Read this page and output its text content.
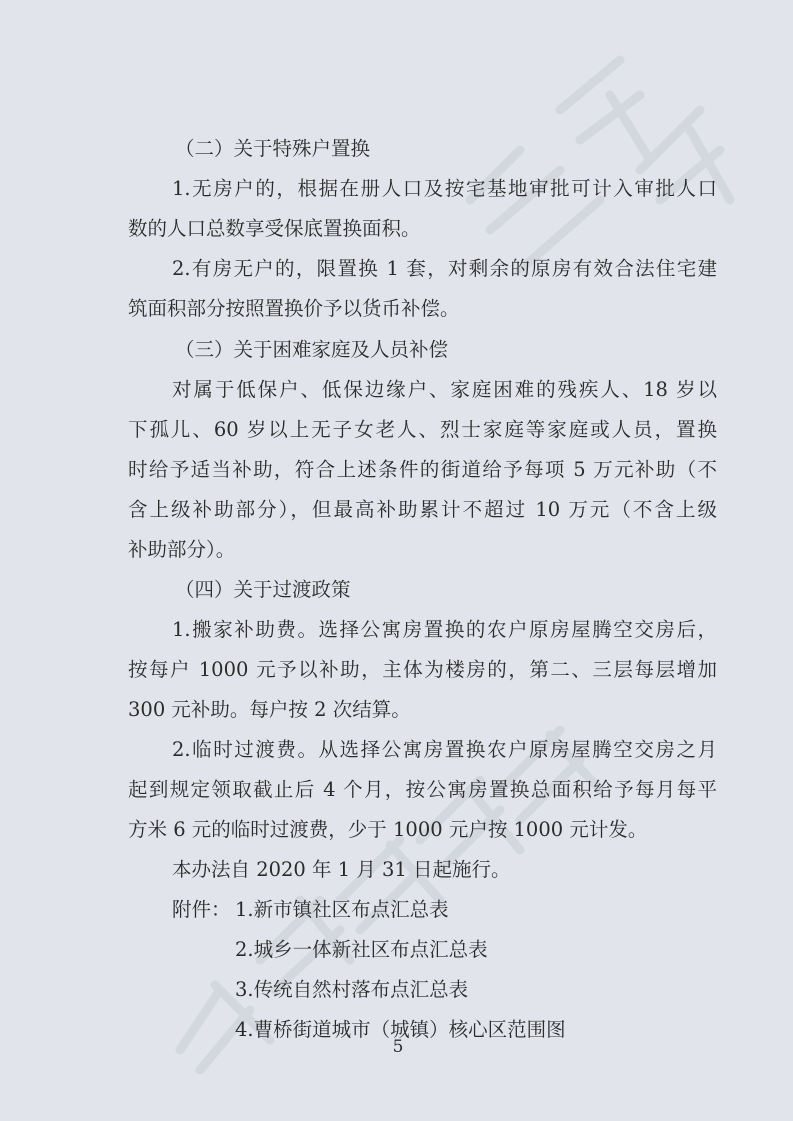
（二）关于特殊户置换
1.无房户的，根据在册人口及按宅基地审批可计入审批人口
数的人口总数享受保底置换面积。
2.有房无户的，限置换 1 套，对剩余的原房有效合法住宅建
筑面积部分按照置换价予以货币补偿。
（三）关于困难家庭及人员补偿
对属于低保户、低保边缘户、家庭困难的残疾人、18 岁以
下孤儿、60 岁以上无子女老人、烈士家庭等家庭或人员，置换
时给予适当补助，符合上述条件的街道给予每项 5 万元补助（不
含上级补助部分），但最高补助累计不超过 10 万元（不含上级
补助部分）。
（四）关于过渡政策
1.搬家补助费。选择公寓房置换的农户原房屋腾空交房后，
按每户 1000 元予以补助，主体为楼房的，第二、三层每层增加
300 元补助。每户按 2 次结算。
2.临时过渡费。从选择公寓房置换农户原房屋腾空交房之月
起到规定领取截止后 4 个月，按公寓房置换总面积给予每月每平
方米 6 元的临时过渡费，少于 1000 元户按 1000 元计发。
本办法自 2020 年 1 月 31 日起施行。
附件： 1.新市镇社区布点汇总表
2.城乡一体新社区布点汇总表
3.传统自然村落布点汇总表
4.曹桥街道城市（城镇）核心区范围图
5
